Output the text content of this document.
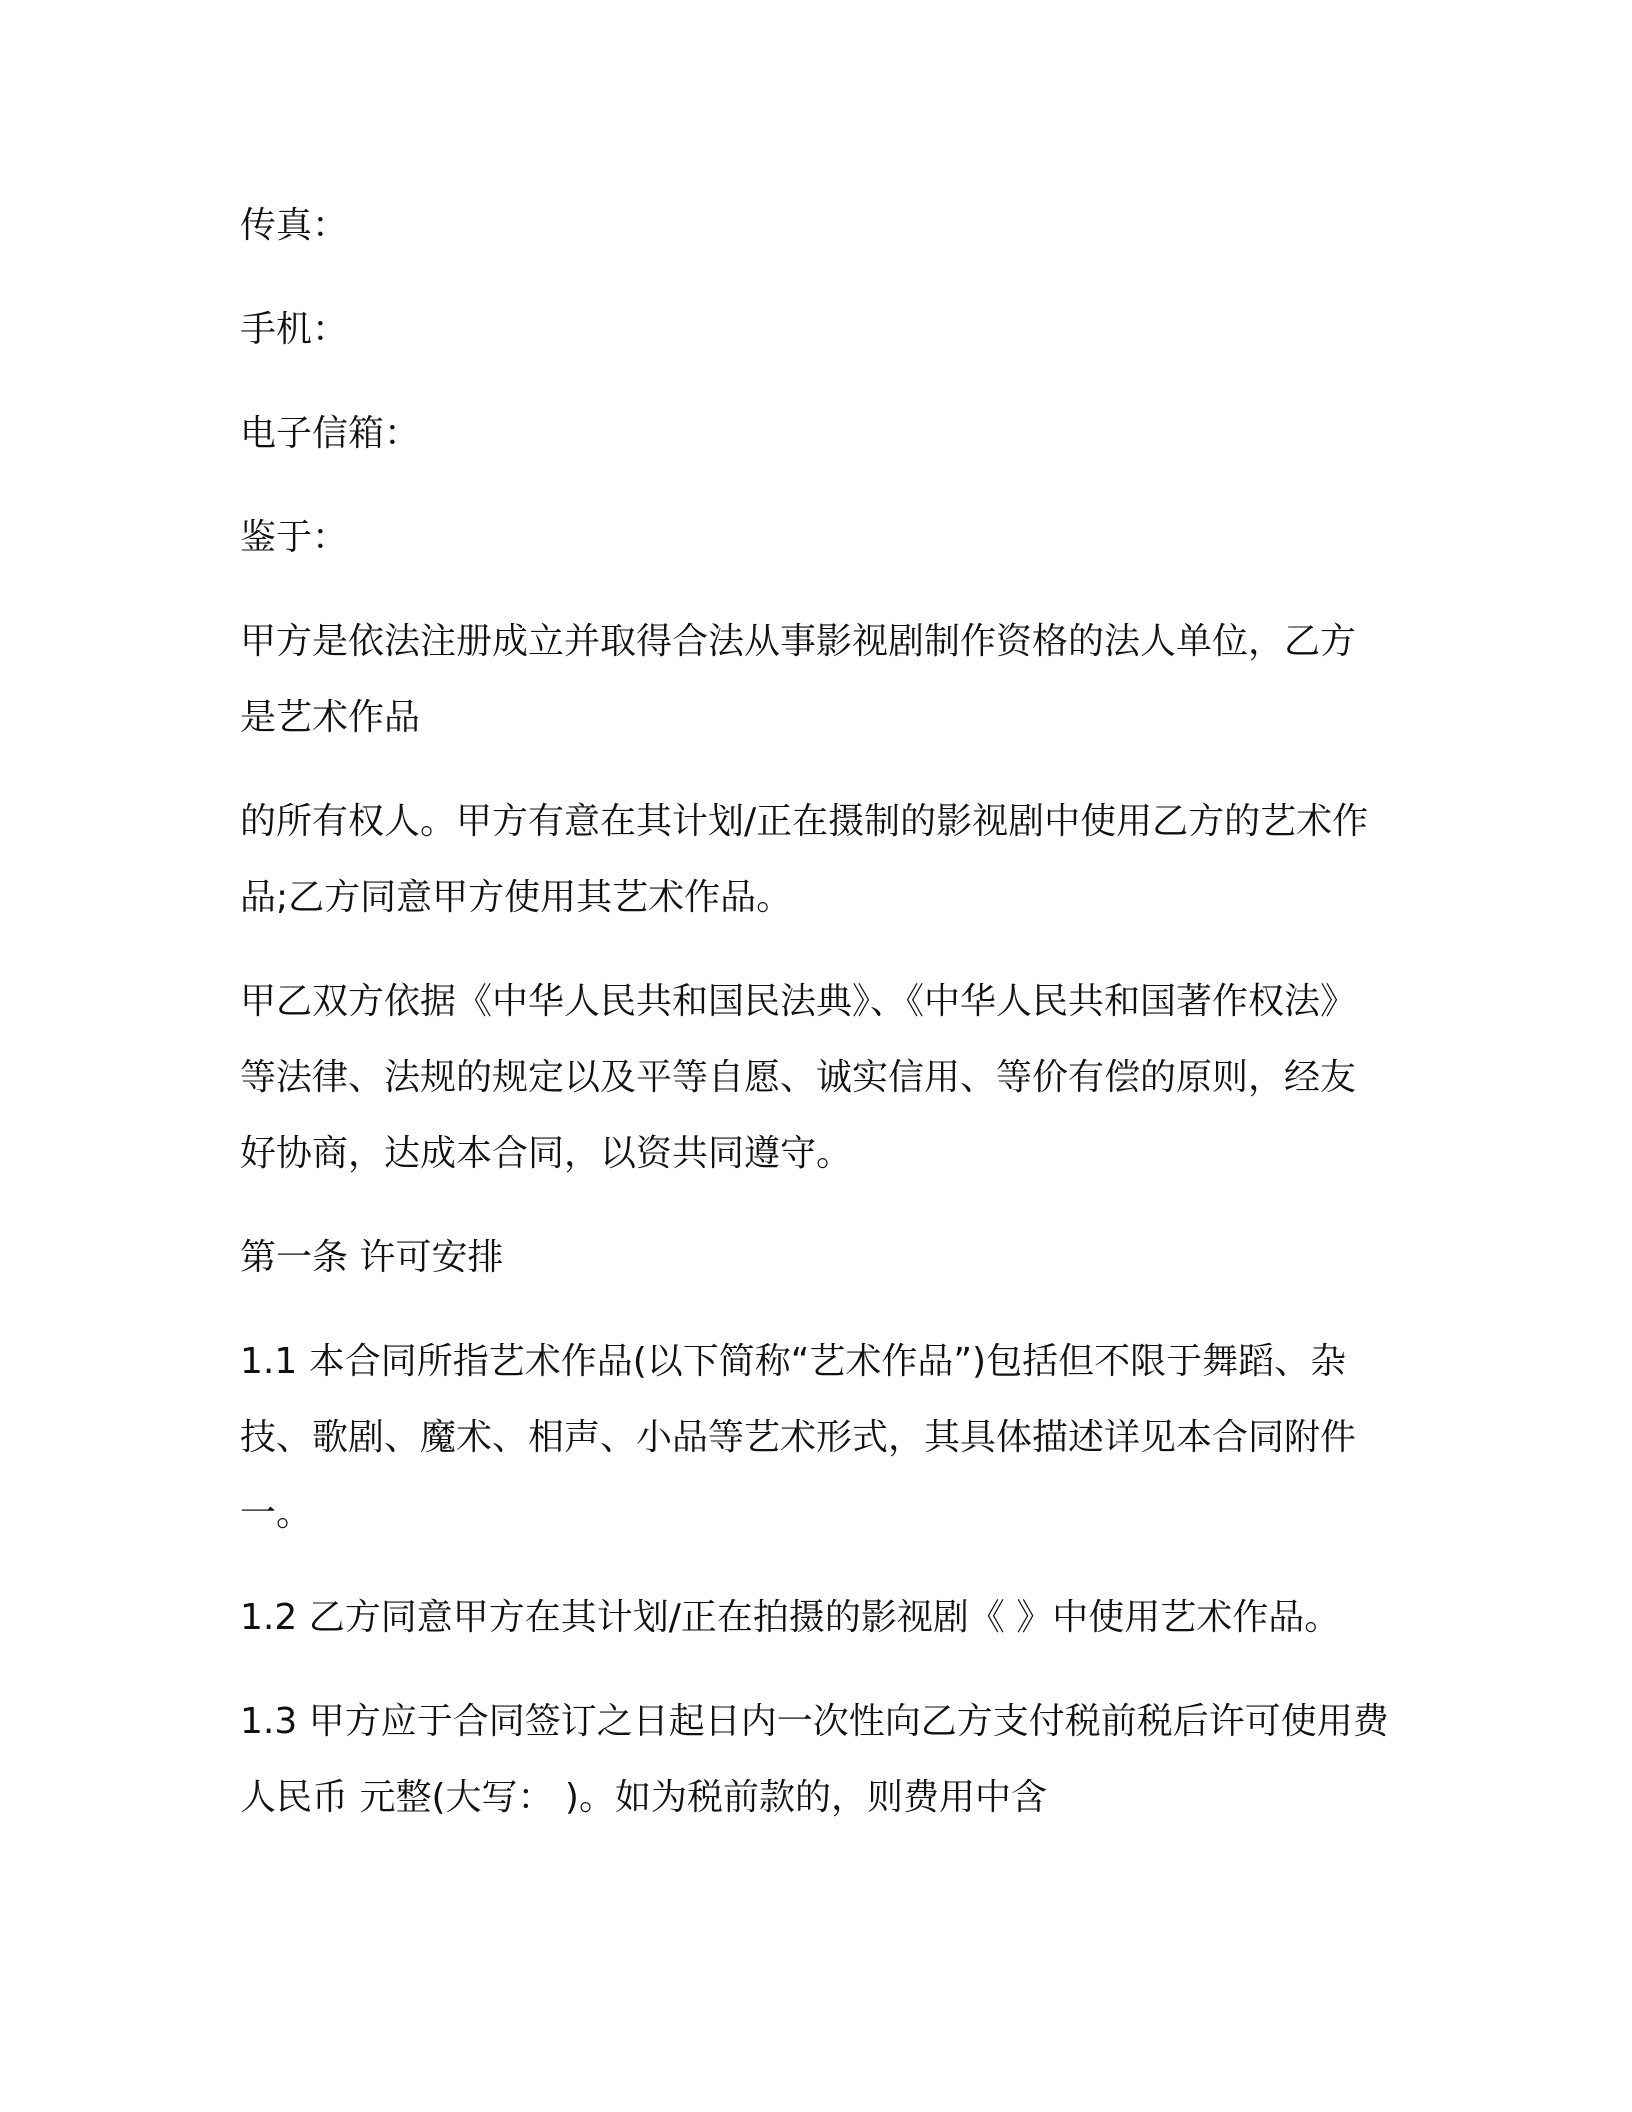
传真：

手机：

电子信箱：

鉴于：

甲方是依法注册成立并取得合法从事影视剧制作资格的法人单位，乙方是艺术作品

的所有权人。甲方有意在其计划/正在摄制的影视剧中使用乙方的艺术作品;乙方同意甲方使用其艺术作品。

甲乙双方依据《中华人民共和国民法典》、《中华人民共和国著作权法》等法律、法规的规定以及平等自愿、诚实信用、等价有偿的原则，经友好协商，达成本合同，以资共同遵守。

第一条 许可安排

1.1 本合同所指艺术作品(以下简称“艺术作品”)包括但不限于舞蹈、杂技、歌剧、魔术、相声、小品等艺术形式，其具体描述详见本合同附件一。

1.2 乙方同意甲方在其计划/正在拍摄的影视剧《 》中使用艺术作品。

1.3 甲方应于合同签订之日起日内一次性向乙方支付税前税后许可使用费人民币 元整(大写： )。如为税前款的，则费用中含
